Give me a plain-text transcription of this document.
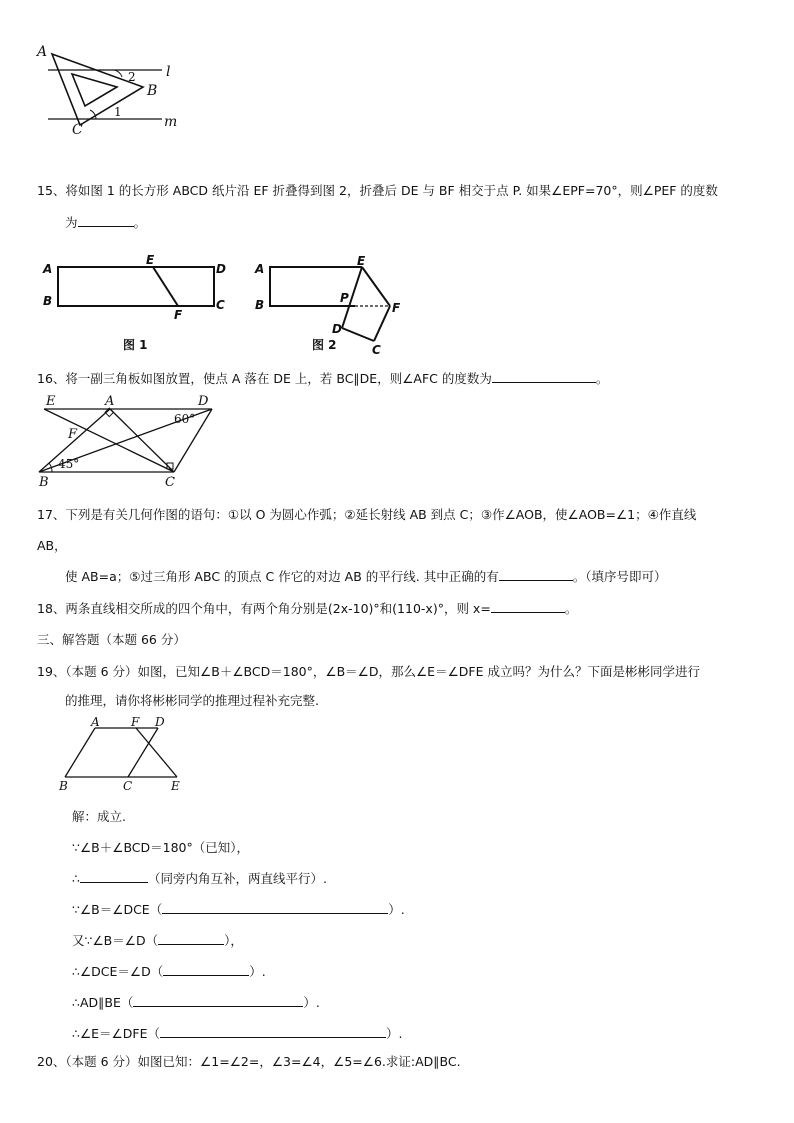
A
B
C
l
m
2
1
15、将如图 1 的长方形 ABCD 纸片沿 EF 折叠得到图 2，折叠后 DE 与 BF 相交于点 P. 如果∠EPF=70°，则∠PEF 的度数
为	。
A
B
D
C
E
F
图 1
A
B
E
P
F
D
C
图 2
16、将一副三角板如图放置，使点 A 落在 DE 上，若 BC∥DE，则∠AFC 的度数为	。
E	A	D
F
B	C
60°
45°
17、下列是有关几何作图的语句：①以 O 为圆心作弧；②延长射线 AB 到点 C；③作∠AOB，使∠AOB=∠1；④作直线
AB，
使 AB=a；⑤过三角形 ABC 的顶点 C 作它的对边 AB 的平行线. 其中正确的有	。（填序号即可）
18、两条直线相交所成的四个角中，有两个角分别是(2x-10)°和(110-x)°，则 x=	。
三、解答题（本题 66 分）
19、（本题 6 分）如图，已知∠B＋∠BCD＝180°，∠B＝∠D，那么∠E＝∠DFE 成立吗？为什么？下面是彬彬同学进行
的推理，请你将彬彬同学的推理过程补充完整.
A	F D
B	C	E
解：成立.
∵∠B＋∠BCD＝180°（已知），
∴	（同旁内角互补，两直线平行）.
∵∠B＝∠DCE（	）.
又∵∠B＝∠D（	），
∴∠DCE＝∠D（	）.
∴AD∥BE（	）.
∴∠E＝∠DFE（	）.
20、（本题 6 分）如图已知：∠1=∠2=，∠3=∠4，∠5=∠6.求证:AD∥BC.
